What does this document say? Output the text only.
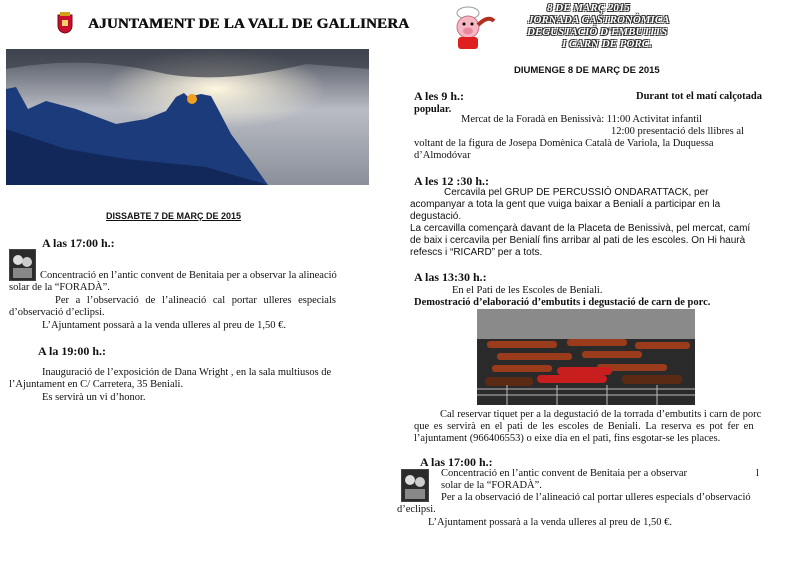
AJUNTAMENT DE LA VALL DE GALLINERA
DISSABTE 7 DE MARÇ DE 2015
A las 17:00 h.:
Concentració en l’antic convent de Benitaia per a observar la alineació
solar de la “FORADÀ”.
Per a l’observació de l’alineació cal portar ulleres especials
d’observació d’eclipsi.
L’Ajuntament possarà a la venda ulleres al preu de 1,50 €.
A la 19:00 h.:
Inauguració de l’exposición de Dana Wright , en la sala multiusos de
l’Ajuntament en C/ Carretera, 35 Beniali.
Es servirà un vi d’honor.
8 DE MARÇ 2015
JORNADA GASTRONÒMICA
DEGUSTACIÓ D'EMBUTITS
I CARN DE PORC.
DIUMENGE 8 DE MARÇ DE 2015
A les 9 h.:	Durant tot el matí calçotada
popular.
Mercat de la Foradà en Benissivà: 11:00 Activitat infantil
12:00 presentació dels llibres al
voltant de la figura de Josepa Domènica Català de Variola, la Duquessa
d’Almodóvar
A les 12 :30 h.:
Cercavila pel GRUP DE PERCUSSIÓ ONDARATTACK, per
acompanyar a tota la gent que vuiga baixar a Benialí a participar en la
degustació.
La cercavilla començarà davant de la Placeta de Benissivà, pel mercat, camí
de baix i cercavila per Benialí fins arribar al pati de les escoles. On Hi haurà
refescs i “RICARD” per a tots.
A las 13:30 h.:
En el Pati de les Escoles de Beniali.
Demostració d’elaboració d’embutits i degustació de carn de porc.
Cal reservar tiquet per a la degustació de la torrada d’embutits i carn de porc
que es servirà en el pati de les escoles de Beniali. La reserva es pot fer en
l’ajuntament (966406553) o eixe dia en el pati, fins esgotar-se les places.
A las 17:00 h.:
Concentració en l’antic convent de Benitaia per a observar	l
solar de la “FORADÀ”.
Per a la observació de l’alineació cal portar ulleres especials d’observació
d’eclipsi.
L’Ajuntament possarà a la venda ulleres al preu de 1,50 €.
